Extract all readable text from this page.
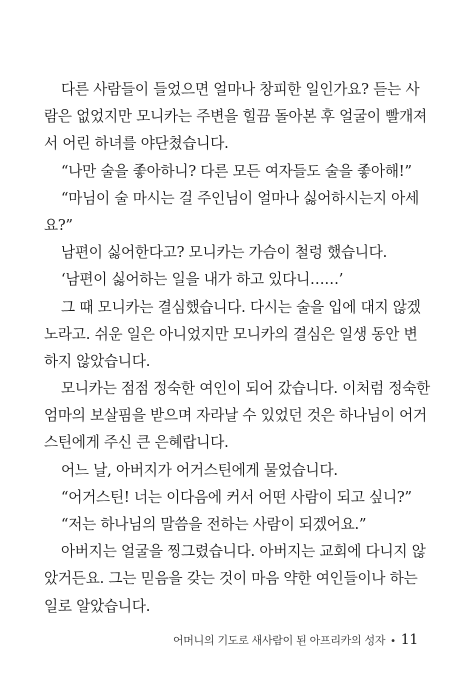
다른 사람들이 들었으면 얼마나 창피한 일인가요? 듣는 사
람은 없었지만 모니카는 주변을 힐끔 돌아본 후 얼굴이 빨개져
서 어린 하녀를 야단쳤습니다.
“나만 술을 좋아하니? 다른 모든 여자들도 술을 좋아해!”
“마님이 술 마시는 걸 주인님이 얼마나 싫어하시는지 아세
요?”
남편이 싫어한다고? 모니카는 가슴이 철렁 했습니다.
‘남편이 싫어하는 일을 내가 하고 있다니……’
그 때 모니카는 결심했습니다. 다시는 술을 입에 대지 않겠
노라고. 쉬운 일은 아니었지만 모니카의 결심은 일생 동안 변
하지 않았습니다.
모니카는 점점 정숙한 여인이 되어 갔습니다. 이처럼 정숙한
엄마의 보살핌을 받으며 자라날 수 있었던 것은 하나님이 어거
스틴에게 주신 큰 은혜랍니다.
어느 날, 아버지가 어거스틴에게 물었습니다.
“어거스틴! 너는 이다음에 커서 어떤 사람이 되고 싶니?”
“저는 하나님의 말씀을 전하는 사람이 되겠어요.”
아버지는 얼굴을 찡그렸습니다. 아버지는 교회에 다니지 않
았거든요. 그는 믿음을 갖는 것이 마음 약한 여인들이나 하는
일로 알았습니다.
어머니의 기도로 새사람이 된 아프리카의 성자 • 11
